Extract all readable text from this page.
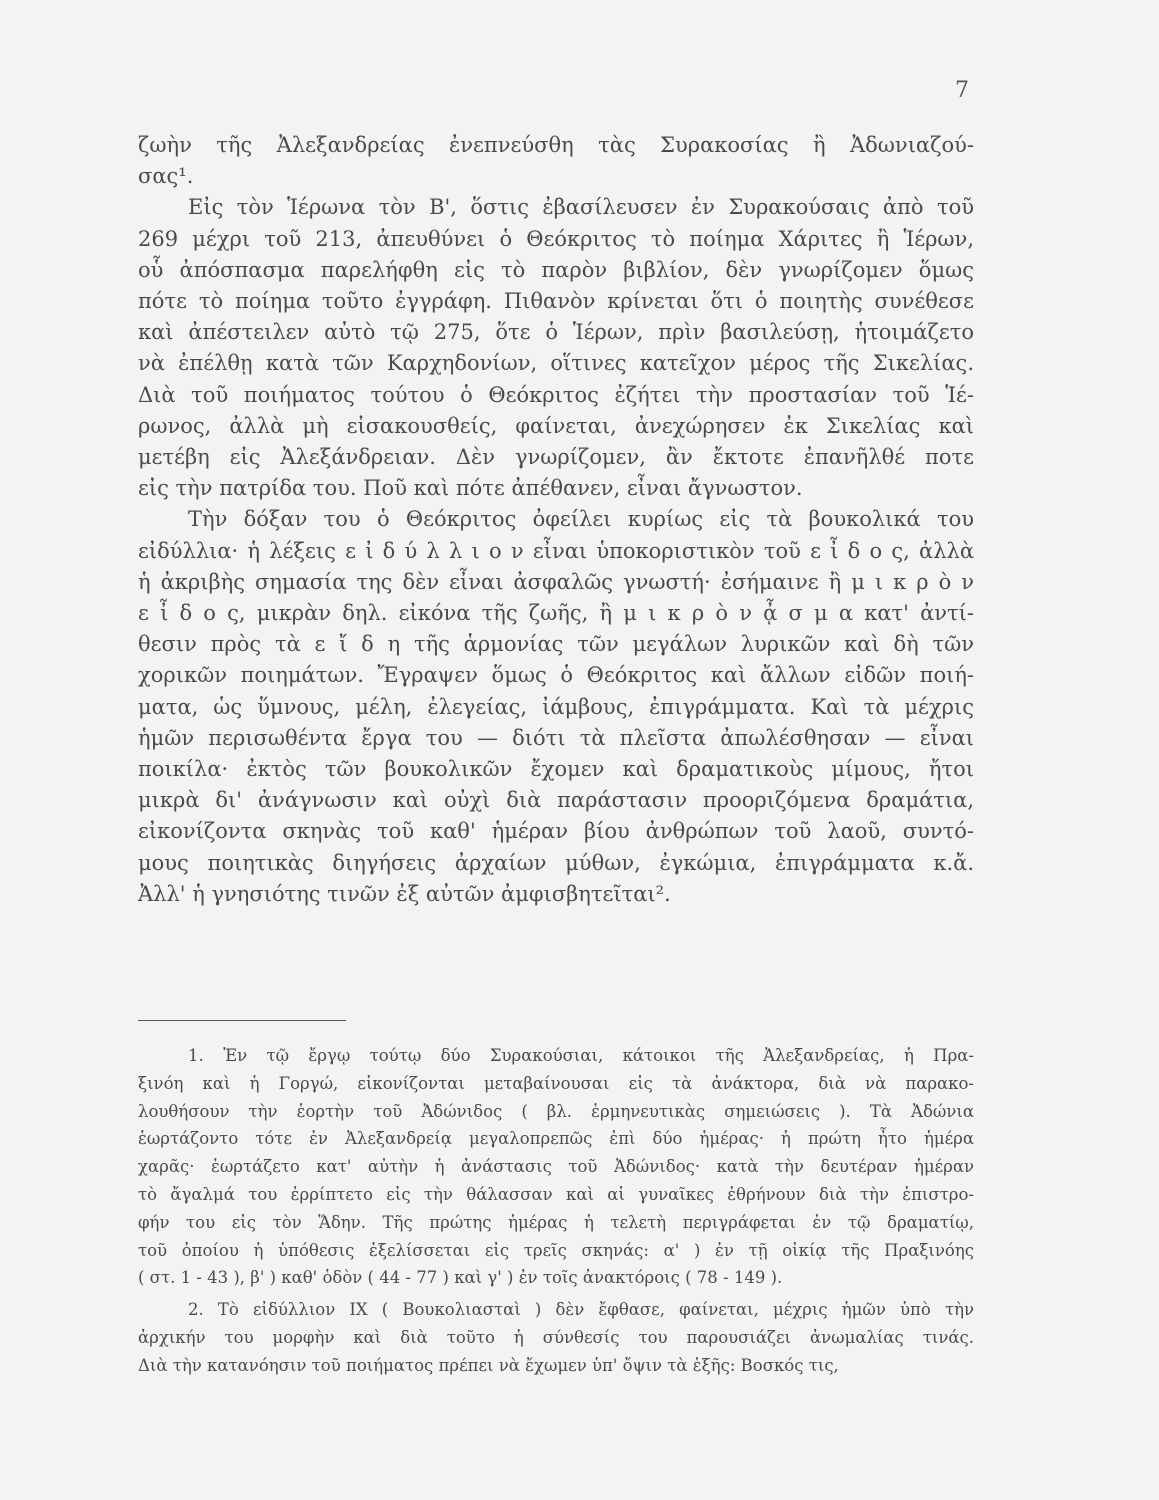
7

ζωὴν τῆς Ἀλεξανδρείας ἐνεπνεύσθη τὰς Συρακοσίας ἢ Ἀδωνιαζού-
σας¹.

Εἰς τὸν Ἱέρωνα τὸν Β', ὅστις ἐβασίλευσεν ἐν Συρακούσαις ἀπὸ τοῦ
269 μέχρι τοῦ 213, ἀπευθύνει ὁ Θεόκριτος τὸ ποίημα Χάριτες ἢ Ἱέρων,
οὗ ἀπόσπασμα παρελήφθη εἰς τὸ παρὸν βιβλίον, δὲν γνωρίζομεν ὅμως
πότε τὸ ποίημα τοῦτο ἐγγράφη. Πιθανὸν κρίνεται ὅτι ὁ ποιητὴς συνέθεσε
καὶ ἀπέστειλεν αὐτὸ τῷ 275, ὅτε ὁ Ἱέρων, πρὶν βασιλεύσῃ, ἡτοιμάζετο
νὰ ἐπέλθῃ κατὰ τῶν Καρχηδονίων, οἵτινες κατεῖχον μέρος τῆς Σικελίας.
Διὰ τοῦ ποιήματος τούτου ὁ Θεόκριτος ἐζήτει τὴν προστασίαν τοῦ Ἱέ-
ρωνος, ἀλλὰ μὴ εἰσακουσθείς, φαίνεται, ἀνεχώρησεν ἐκ Σικελίας καὶ
μετέβη εἰς Ἀλεξάνδρειαν. Δὲν γνωρίζομεν, ἂν ἔκτοτε ἐπανῆλθέ ποτε
εἰς τὴν πατρίδα του. Ποῦ καὶ πότε ἀπέθανεν, εἶναι ἄγνωστον.

Τὴν δόξαν του ὁ Θεόκριτος ὀφείλει κυρίως εἰς τὰ βουκολικά του
εἰδύλλια· ἡ λέξεις ε ἰ δ ύ λ λ ι ο ν εἶναι ὑποκοριστικὸν τοῦ ε ἶ δ ο ς, ἀλλὰ
ἡ ἀκριβὴς σημασία της δὲν εἶναι ἀσφαλῶς γνωστή· ἐσήμαινε ἢ μ ι κ ρ ὸ ν
ε ἶ δ ο ς, μικρὰν δηλ. εἰκόνα τῆς ζωῆς, ἢ μ ι κ ρ ὸ ν ᾆ σ μ α κατ' ἀντί-
θεσιν πρὸς τὰ ε ἴ δ η τῆς ἁρμονίας τῶν μεγάλων λυρικῶν καὶ δὴ τῶν
χορικῶν ποιημάτων. Ἔγραψεν ὅμως ὁ Θεόκριτος καὶ ἄλλων εἰδῶν ποιή-
ματα, ὡς ὕμνους, μέλη, ἐλεγείας, ἰάμβους, ἐπιγράμματα. Καὶ τὰ μέχρις
ἡμῶν περισωθέντα ἔργα του — διότι τὰ πλεῖστα ἀπωλέσθησαν — εἶναι
ποικίλα· ἐκτὸς τῶν βουκολικῶν ἔχομεν καὶ δραματικοὺς μίμους, ἤτοι
μικρὰ δι' ἀνάγνωσιν καὶ οὐχὶ διὰ παράστασιν προοριζόμενα δραμάτια,
εἰκονίζοντα σκηνὰς τοῦ καθ' ἡμέραν βίου ἀνθρώπων τοῦ λαοῦ, συντό-
μους ποιητικὰς διηγήσεις ἀρχαίων μύθων, ἐγκώμια, ἐπιγράμματα κ.ἄ.
Ἀλλ' ἡ γνησιότης τινῶν ἐξ αὐτῶν ἀμφισβητεῖται².

1. Ἐν τῷ ἔργῳ τούτῳ δύο Συρακούσιαι, κάτοικοι τῆς Ἀλεξανδρείας, ἡ Πρα-
ξινόη καὶ ἡ Γοργώ, εἰκονίζονται μεταβαίνουσαι εἰς τὰ ἀνάκτορα, διὰ νὰ παρακο-
λουθήσουν τὴν ἑορτὴν τοῦ Ἀδώνιδος ( βλ. ἑρμηνευτικὰς σημειώσεις ). Τὰ Ἀδώνια
ἑωρτάζοντο τότε ἐν Ἀλεξανδρείᾳ μεγαλοπρεπῶς ἐπὶ δύο ἡμέρας· ἡ πρώτη ἦτο ἡμέρα
χαρᾶς· ἑωρτάζετο κατ' αὐτὴν ἡ ἀνάστασις τοῦ Ἀδώνιδος· κατὰ τὴν δευτέραν ἡμέραν
τὸ ἄγαλμά του ἐρρίπτετο εἰς τὴν θάλασσαν καὶ αἱ γυναῖκες ἐθρήνουν διὰ τὴν ἐπιστρο-
φήν του εἰς τὸν Ἅδην. Τῆς πρώτης ἡμέρας ἡ τελετὴ περιγράφεται ἐν τῷ δραματίῳ,
τοῦ ὁποίου ἡ ὑπόθεσις ἐξελίσσεται εἰς τρεῖς σκηνάς: α' ) ἐν τῇ οἰκίᾳ τῆς Πραξινόης
( στ. 1 - 43 ), β' ) καθ' ὁδὸν ( 44 - 77 ) καὶ γ' ) ἐν τοῖς ἀνακτόροις ( 78 - 149 ).
2. Τὸ εἰδύλλιον IX ( Βουκολιασταὶ ) δὲν ἔφθασε, φαίνεται, μέχρις ἡμῶν ὑπὸ τὴν
ἀρχικήν του μορφὴν καὶ διὰ τοῦτο ἡ σύνθεσίς του παρουσιάζει ἀνωμαλίας τινάς.
Διὰ τὴν κατανόησιν τοῦ ποιήματος πρέπει νὰ ἔχωμεν ὑπ' ὄψιν τὰ ἑξῆς: Βοσκός τις,
